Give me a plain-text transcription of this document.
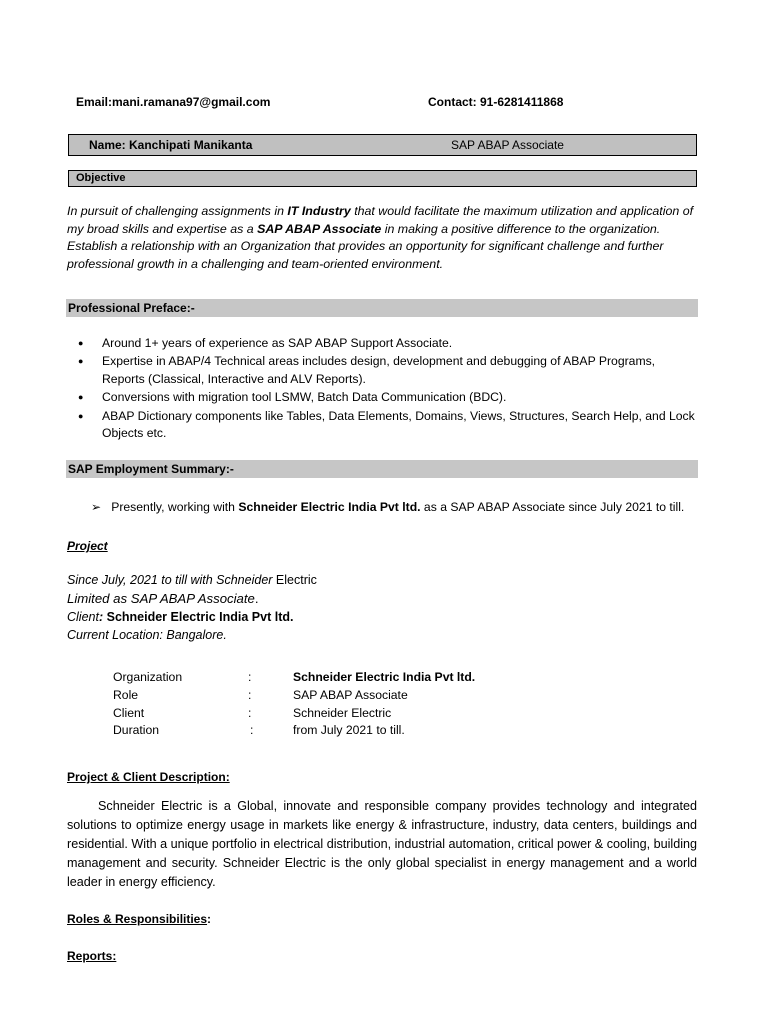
Email:mani.ramana97@gmail.com	Contact: 91-6281411868
Name: Kanchipati Manikanta	SAP ABAP Associate
Objective
In pursuit of challenging assignments in IT Industry that would facilitate the maximum utilization and application of my broad skills and expertise as a SAP ABAP Associate in making a positive difference to the organization. Establish a relationship with an Organization that provides an opportunity for significant challenge and further professional growth in a challenging and team-oriented environment.
Professional Preface:-
● Around 1+ years of experience as SAP ABAP Support Associate.
● Expertise in ABAP/4 Technical areas includes design, development and debugging of ABAP Programs, Reports (Classical, Interactive and ALV Reports).
● Conversions with migration tool LSMW, Batch Data Communication (BDC).
● ABAP Dictionary components like Tables, Data Elements, Domains, Views, Structures, Search Help, and Lock Objects etc.
SAP Employment Summary:-
➢ Presently, working with Schneider Electric India Pvt ltd. as a SAP ABAP Associate since July 2021 to till.
Project
Since July, 2021 to till with Schneider Electric
Limited as SAP ABAP Associate.
Client: Schneider Electric India Pvt ltd.
Current Location: Bangalore.
Organization	:	Schneider Electric India Pvt ltd.
Role	:	SAP ABAP Associate
Client	:	Schneider Electric
Duration	:	from July 2021 to till.
Project & Client Description:
Schneider Electric is a Global, innovate and responsible company provides technology and integrated solutions to optimize energy usage in markets like energy & infrastructure, industry, data centers, buildings and residential. With a unique portfolio in electrical distribution, industrial automation, critical power & cooling, building management and security. Schneider Electric is the only global specialist in energy management and a world leader in energy efficiency.
Roles & Responsibilities:
Reports:
